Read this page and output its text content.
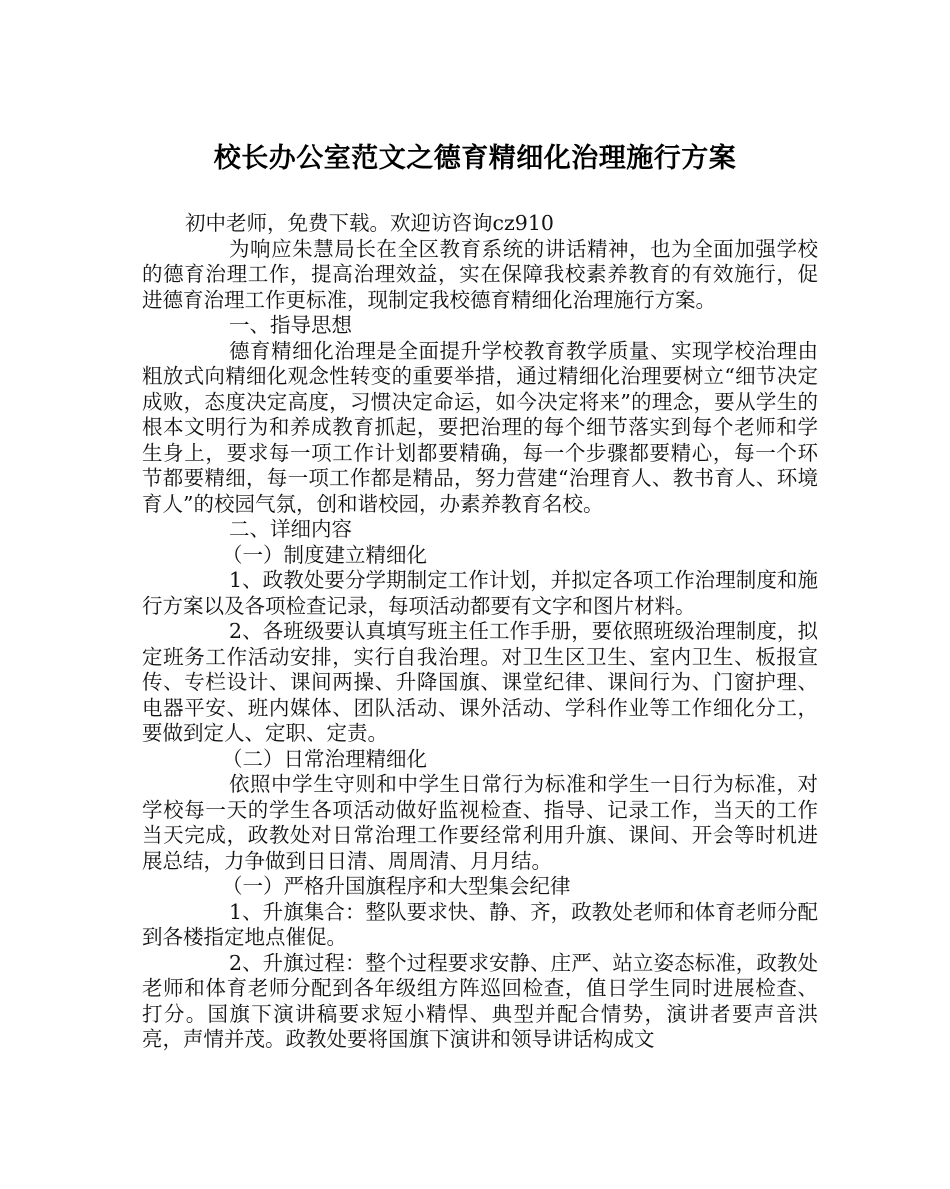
校长办公室范文之德育精细化治理施行方案

初中老师，免费下载。欢迎访咨询cz910

为响应朱慧局长在全区教育系统的讲话精神，也为全面加强学校的德育治理工作，提高治理效益，实在保障我校素养教育的有效施行，促进德育治理工作更标准，现制定我校德育精细化治理施行方案。

一、指导思想

德育精细化治理是全面提升学校教育教学质量、实现学校治理由粗放式向精细化观念性转变的重要举措，通过精细化治理要树立“细节决定成败，态度决定高度，习惯决定命运，如今决定将来”的理念，要从学生的根本文明行为和养成教育抓起，要把治理的每个细节落实到每个老师和学生身上，要求每一项工作计划都要精确，每一个步骤都要精心，每一个环节都要精细，每一项工作都是精品，努力营建“治理育人、教书育人、环境育人”的校园气氛，创和谐校园，办素养教育名校。

二、详细内容

（一）制度建立精细化

1、政教处要分学期制定工作计划，并拟定各项工作治理制度和施行方案以及各项检查记录，每项活动都要有文字和图片材料。

2、各班级要认真填写班主任工作手册，要依照班级治理制度，拟定班务工作活动安排，实行自我治理。对卫生区卫生、室内卫生、板报宣传、专栏设计、课间两操、升降国旗、课堂纪律、课间行为、门窗护理、电器平安、班内媒体、团队活动、课外活动、学科作业等工作细化分工，要做到定人、定职、定责。

（二）日常治理精细化

依照中学生守则和中学生日常行为标准和学生一日行为标准，对学校每一天的学生各项活动做好监视检查、指导、记录工作，当天的工作当天完成，政教处对日常治理工作要经常利用升旗、课间、开会等时机进展总结，力争做到日日清、周周清、月月结。

（一）严格升国旗程序和大型集会纪律

1、升旗集合：整队要求快、静、齐，政教处老师和体育老师分配到各楼指定地点催促。

2、升旗过程：整个过程要求安静、庄严、站立姿态标准，政教处老师和体育老师分配到各年级组方阵巡回检查，值日学生同时进展检查、打分。国旗下演讲稿要求短小精悍、典型并配合情势，演讲者要声音洪亮，声情并茂。政教处要将国旗下演讲和领导讲话构成文
